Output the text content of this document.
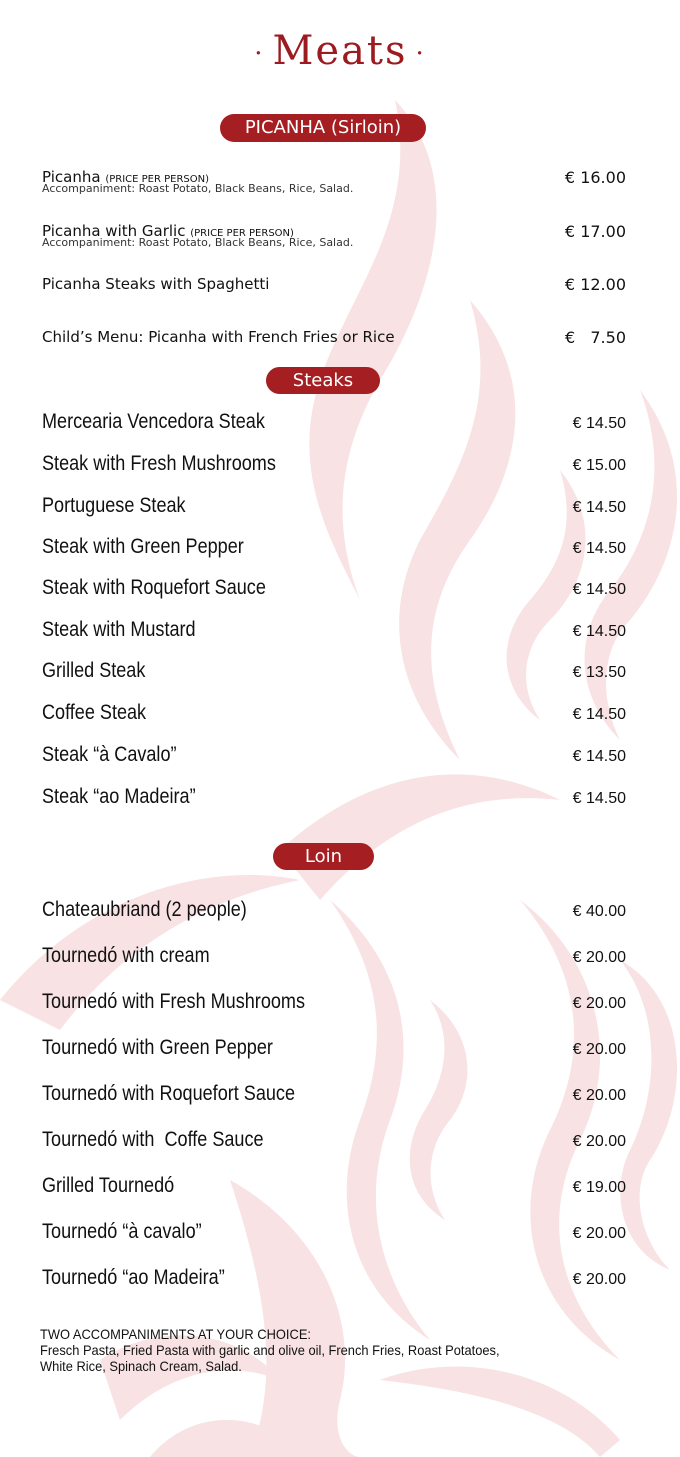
· Meats ·
PICANHA (Sirloin)
Picanha (PRICE PER PERSON)
Accompaniment: Roast Potato, Black Beans, Rice, Salad.
€ 16.00
Picanha with Garlic (PRICE PER PERSON)
Accompaniment: Roast Potato, Black Beans, Rice, Salad.
€ 17.00
Picanha Steaks with Spaghetti	€ 12.00
Child’s Menu: Picanha with French Fries or Rice	€   7.50
Steaks
Mercearia Vencedora Steak	€ 14.50
Steak with Fresh Mushrooms	€ 15.00
Portuguese Steak	€ 14.50
Steak with Green Pepper	€ 14.50
Steak with Roquefort Sauce	€ 14.50
Steak with Mustard	€ 14.50
Grilled Steak	€ 13.50
Coffee Steak	€ 14.50
Steak “à Cavalo”	€ 14.50
Steak “ao Madeira”	€ 14.50
Loin
Chateaubriand (2 people)	€ 40.00
Tournedó with cream	€ 20.00
Tournedó with Fresh Mushrooms	€ 20.00
Tournedó with Green Pepper	€ 20.00
Tournedó with Roquefort Sauce	€ 20.00
Tournedó with  Coffe Sauce	€ 20.00
Grilled Tournedó	€ 19.00
Tournedó “à cavalo”	€ 20.00
Tournedó “ao Madeira”	€ 20.00
TWO ACCOMPANIMENTS AT YOUR CHOICE:
Fresch Pasta, Fried Pasta with garlic and olive oil, French Fries, Roast Potatoes,
White Rice, Spinach Cream, Salad.
